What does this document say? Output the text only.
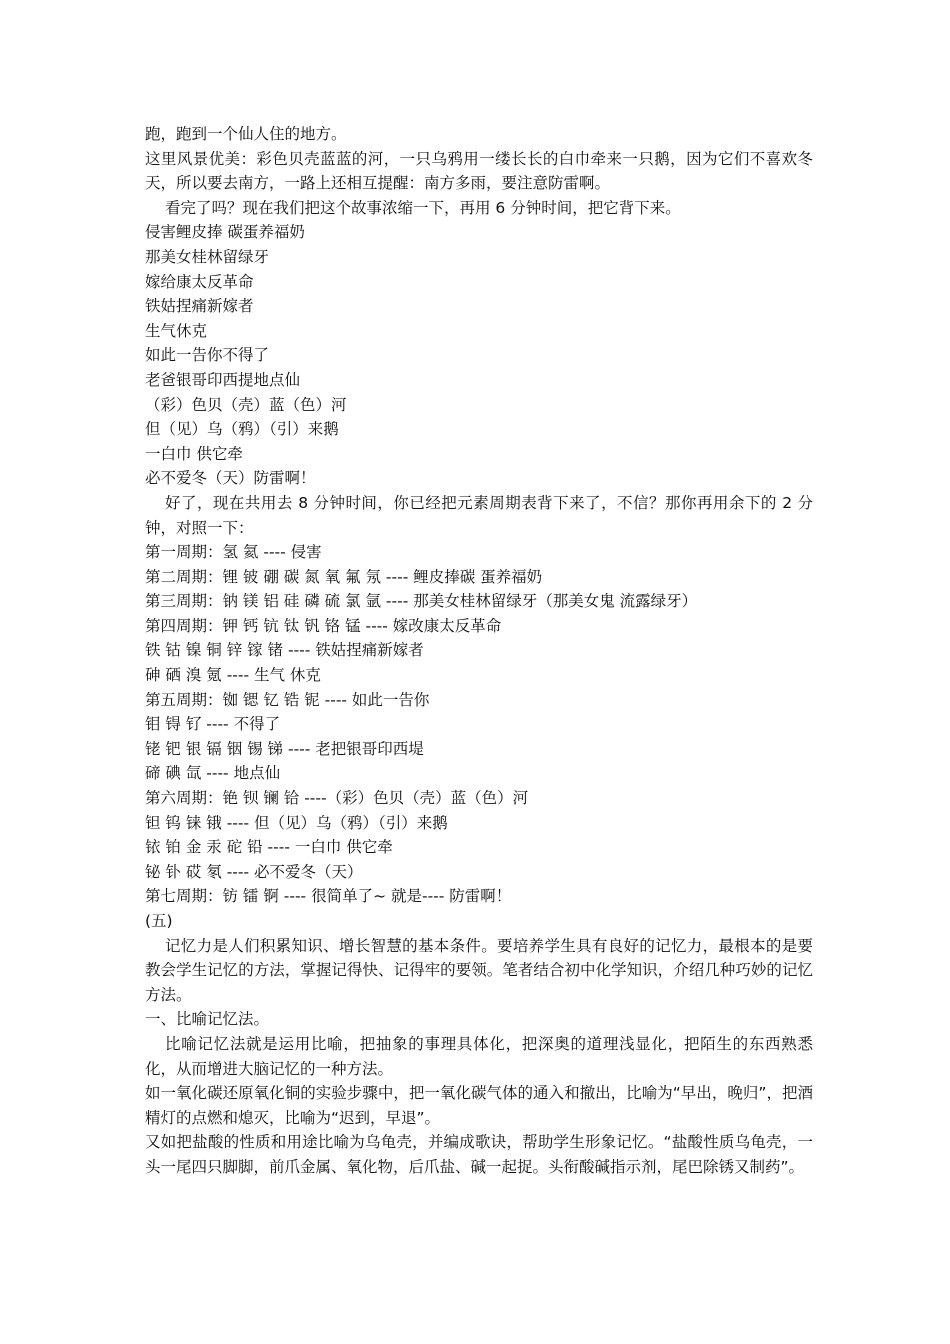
跑，跑到一个仙人住的地方。
这里风景优美：彩色贝壳蓝蓝的河，一只乌鸦用一缕长长的白巾牵来一只鹅，因为它们不喜欢冬天，所以要去南方，一路上还相互提醒：南方多雨，要注意防雷啊。
看完了吗？现在我们把这个故事浓缩一下，再用 6 分钟时间，把它背下来。
侵害鲤皮捧 碳蛋养福奶
那美女桂林留绿牙
嫁给康太反革命
铁姑捏痛新嫁者
生气休克
如此一告你不得了
老爸银哥印西提地点仙
（彩）色贝（壳）蓝（色）河
但（见）乌（鸦）（引）来鹅
一白巾 供它牵
必不爱冬（天）防雷啊！
好了，现在共用去 8 分钟时间，你已经把元素周期表背下来了，不信？那你再用余下的 2 分钟，对照一下：
第一周期：氢 氦 ---- 侵害
第二周期：锂 铍 硼 碳 氮 氧 氟 氖 ---- 鲤皮捧碳 蛋养福奶
第三周期：钠 镁 铝 硅 磷 硫 氯 氩 ---- 那美女桂林留绿牙（那美女鬼 流露绿牙）
第四周期：钾 钙 钪 钛 钒 铬 锰 ---- 嫁改康太反革命
铁 钴 镍 铜 锌 镓 锗 ---- 铁姑捏痛新嫁者
砷 硒 溴 氪 ---- 生气 休克
第五周期：铷 锶 钇 锆 铌 ---- 如此一告你
钼 锝 钌 ---- 不得了
铑 钯 银 镉 铟 锡 锑 ---- 老把银哥印西堤
碲 碘 氙 ---- 地点仙
第六周期：铯 钡 镧 铪 ----（彩）色贝（壳）蓝（色）河
钽 钨 铼 锇 ---- 但（见）乌（鸦）（引）来鹅
铱 铂 金 汞 砣 铅 ---- 一白巾 供它牵
铋 钋 砹 氡 ---- 必不爱冬（天）
第七周期：钫 镭 锕 ---- 很简单了~ 就是---- 防雷啊！
(五)
记忆力是人们积累知识、增长智慧的基本条件。要培养学生具有良好的记忆力，最根本的是要教会学生记忆的方法，掌握记得快、记得牢的要领。笔者结合初中化学知识，介绍几种巧妙的记忆方法。
一、比喻记忆法。
比喻记忆法就是运用比喻，把抽象的事理具体化，把深奥的道理浅显化，把陌生的东西熟悉化，从而增进大脑记忆的一种方法。
如一氧化碳还原氧化铜的实验步骤中，把一氧化碳气体的通入和撤出，比喻为“早出，晚归”，把酒精灯的点燃和熄灭，比喻为“迟到，早退”。
又如把盐酸的性质和用途比喻为乌龟壳，并编成歌诀，帮助学生形象记忆。“盐酸性质乌龟壳，一头一尾四只脚脚，前爪金属、氧化物，后爪盐、碱一起捉。头衔酸碱指示剂，尾巴除锈又制药”。
